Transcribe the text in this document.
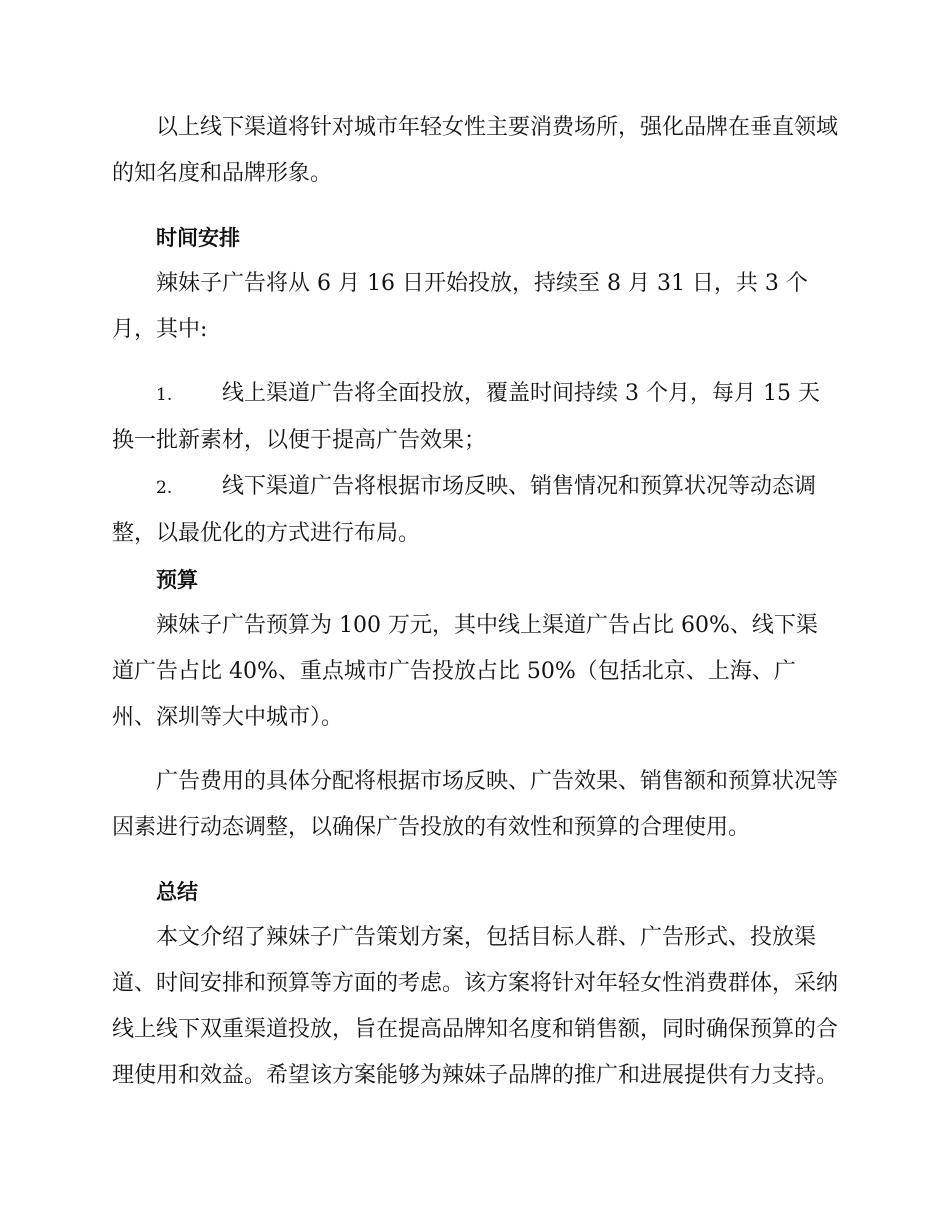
以上线下渠道将针对城市年轻女性主要消费场所，强化品牌在垂直领域的知名度和品牌形象。

时间安排

辣妹子广告将从 6 月 16 日开始投放，持续至 8 月 31 日，共 3 个月，其中:

1. 线上渠道广告将全面投放，覆盖时间持续 3 个月，每月 15 天换一批新素材，以便于提高广告效果；

2. 线下渠道广告将根据市场反映、销售情况和预算状况等动态调整，以最优化的方式进行布局。

预算

辣妹子广告预算为 100 万元，其中线上渠道广告占比 60%、线下渠道广告占比 40%、重点城市广告投放占比 50%（包括北京、上海、广州、深圳等大中城市）。

广告费用的具体分配将根据市场反映、广告效果、销售额和预算状况等因素进行动态调整，以确保广告投放的有效性和预算的合理使用。

总结

本文介绍了辣妹子广告策划方案，包括目标人群、广告形式、投放渠道、时间安排和预算等方面的考虑。该方案将针对年轻女性消费群体，采纳线上线下双重渠道投放，旨在提高品牌知名度和销售额，同时确保预算的合理使用和效益。希望该方案能够为辣妹子品牌的推广和进展提供有力支持。
